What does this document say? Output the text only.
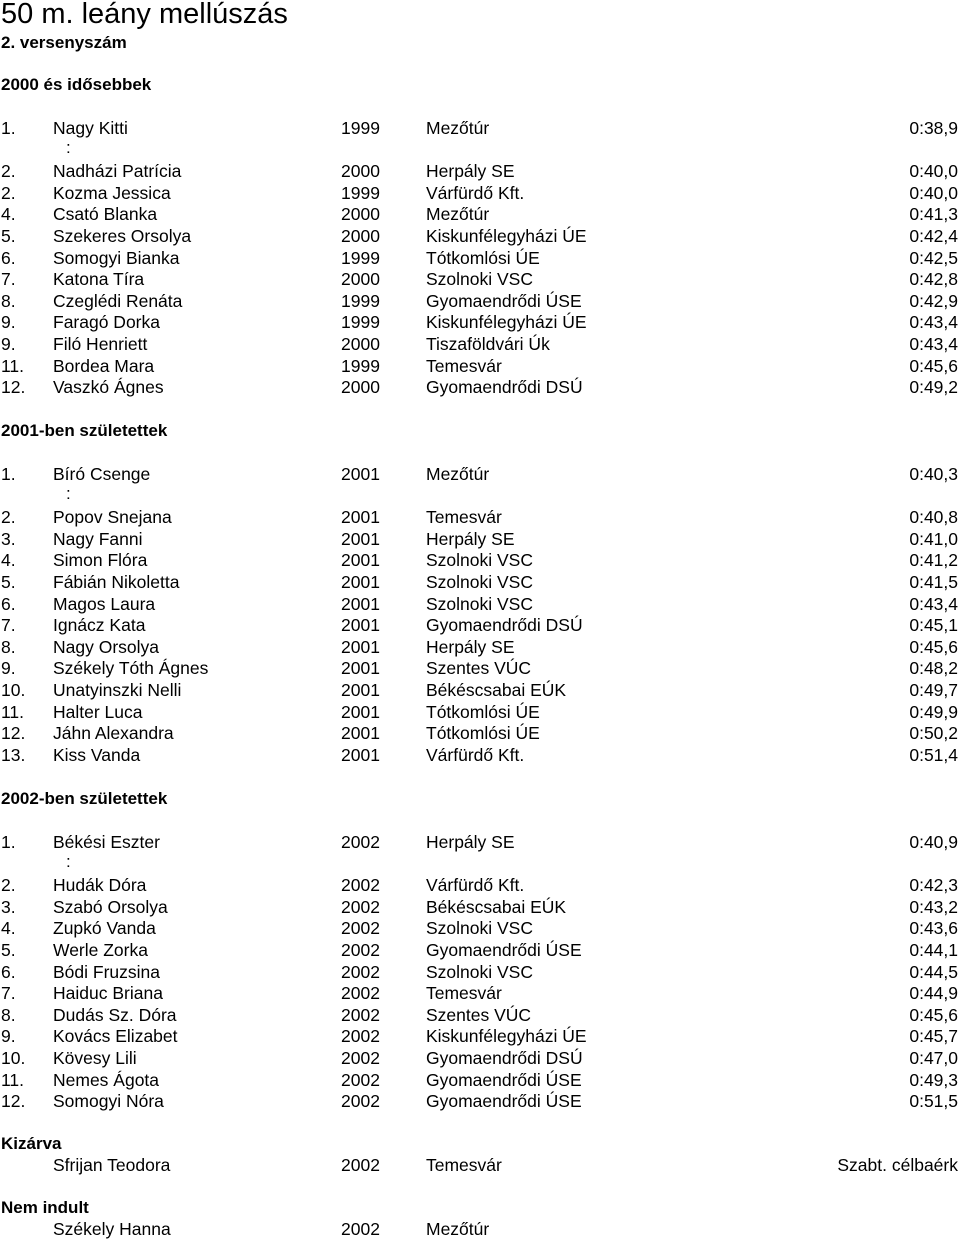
50 m. leány mellúszás
2. versenyszám
2000 és idősebbek
1. Nagy Kitti	1999	Mezőtúr	0:38,9
:
2. Nadházi Patrícia	2000	Herpály SE	0:40,0
2. Kozma Jessica	1999	Várfürdő Kft.	0:40,0
4. Csató Blanka	2000	Mezőtúr	0:41,3
5. Szekeres Orsolya	2000	Kiskunfélegyházi ÚE	0:42,4
6. Somogyi Bianka	1999	Tótkomlósi ÚE	0:42,5
7. Katona Tíra	2000	Szolnoki VSC	0:42,8
8. Czeglédi Renáta	1999	Gyomaendrődi ÚSE	0:42,9
9. Faragó Dorka	1999	Kiskunfélegyházi ÚE	0:43,4
9. Filó Henriett	2000	Tiszaföldvári Úk	0:43,4
11. Bordea Mara	1999	Temesvár	0:45,6
12. Vaszkó Ágnes	2000	Gyomaendrődi DSÚ	0:49,2
2001-ben születettek
1. Bíró Csenge	2001	Mezőtúr	0:40,3
:
2. Popov Snejana	2001	Temesvár	0:40,8
3. Nagy Fanni	2001	Herpály SE	0:41,0
4. Simon Flóra	2001	Szolnoki VSC	0:41,2
5. Fábián Nikoletta	2001	Szolnoki VSC	0:41,5
6. Magos Laura	2001	Szolnoki VSC	0:43,4
7. Ignácz Kata	2001	Gyomaendrődi DSÚ	0:45,1
8. Nagy Orsolya	2001	Herpály SE	0:45,6
9. Székely Tóth Ágnes	2001	Szentes VÚC	0:48,2
10. Unatyinszki Nelli	2001	Békéscsabai EÚK	0:49,7
11. Halter Luca	2001	Tótkomlósi ÚE	0:49,9
12. Jáhn Alexandra	2001	Tótkomlósi ÚE	0:50,2
13. Kiss Vanda	2001	Várfürdő Kft.	0:51,4
2002-ben születettek
1. Békési Eszter	2002	Herpály SE	0:40,9
:
2. Hudák Dóra	2002	Várfürdő Kft.	0:42,3
3. Szabó Orsolya	2002	Békéscsabai EÚK	0:43,2
4. Zupkó Vanda	2002	Szolnoki VSC	0:43,6
5. Werle Zorka	2002	Gyomaendrődi ÚSE	0:44,1
6. Bódi Fruzsina	2002	Szolnoki VSC	0:44,5
7. Haiduc Briana	2002	Temesvár	0:44,9
8. Dudás Sz. Dóra	2002	Szentes VÚC	0:45,6
9. Kovács Elizabet	2002	Kiskunfélegyházi ÚE	0:45,7
10. Kövesy Lili	2002	Gyomaendrődi DSÚ	0:47,0
11. Nemes Ágota	2002	Gyomaendrődi ÚSE	0:49,3
12. Somogyi Nóra	2002	Gyomaendrődi ÚSE	0:51,5
Kizárva
Sfrijan Teodora	2002	Temesvár	Szabt. célbaérk
Nem indult
Székely Hanna	2002	Mezőtúr
